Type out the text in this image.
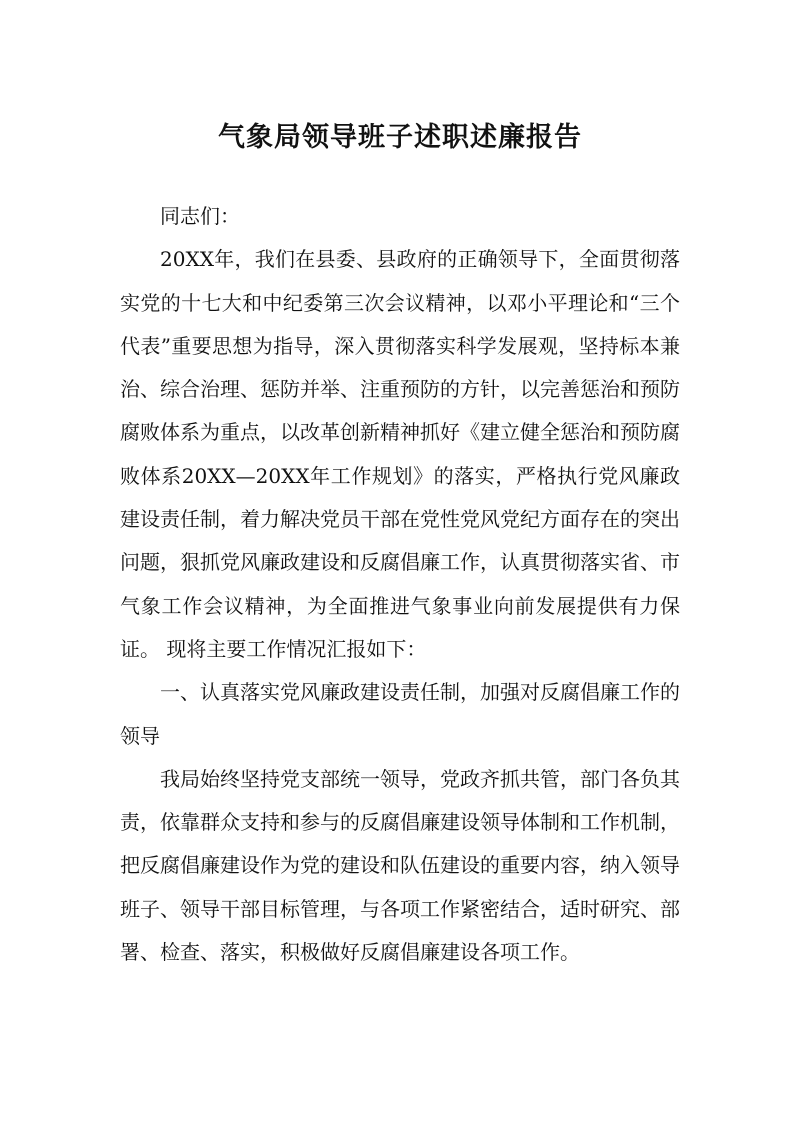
气象局领导班子述职述廉报告

同志们：

20XX年，我们在县委、县政府的正确领导下，全面贯彻落实党的十七大和中纪委第三次会议精神，以邓小平理论和“三个代表”重要思想为指导，深入贯彻落实科学发展观，坚持标本兼治、综合治理、惩防并举、注重预防的方针，以完善惩治和预防腐败体系为重点，以改革创新精神抓好《建立健全惩治和预防腐败体系20XX—20XX年工作规划》的落实，严格执行党风廉政建设责任制，着力解决党员干部在党性党风党纪方面存在的突出问题，狠抓党风廉政建设和反腐倡廉工作，认真贯彻落实省、市气象工作会议精神，为全面推进气象事业向前发展提供有力保证。 现将主要工作情况汇报如下：

一、认真落实党风廉政建设责任制，加强对反腐倡廉工作的领导

我局始终坚持党支部统一领导，党政齐抓共管，部门各负其责，依靠群众支持和参与的反腐倡廉建设领导体制和工作机制，把反腐倡廉建设作为党的建设和队伍建设的重要内容，纳入领导班子、领导干部目标管理，与各项工作紧密结合，适时研究、部署、检查、落实，积极做好反腐倡廉建设各项工作。
